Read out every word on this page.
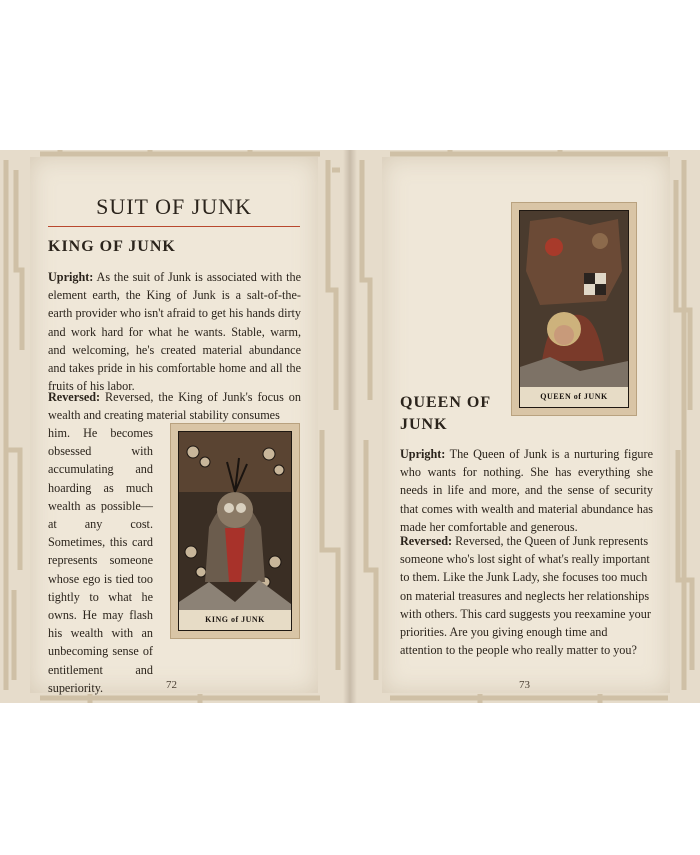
SUIT OF JUNK
KING OF JUNK
Upright: As the suit of Junk is associated with the element earth, the King of Junk is a salt-of-the-earth provider who isn't afraid to get his hands dirty and work hard for what he wants. Stable, warm, and welcoming, he's created material abundance and takes pride in his comfortable home and all the fruits of his labor.
Reversed: Reversed, the King of Junk's focus on wealth and creating material stability consumes
him. He becomes obsessed with accumulating and hoarding as much wealth as possible—at any cost. Sometimes, this card represents someone whose ego is tied too tightly to what he owns. He may flash his wealth with an unbecoming sense of entitlement and superiority.
KING of JUNK
QUEEN of JUNK
QUEEN OF JUNK
Upright: The Queen of Junk is a nurturing figure who wants for nothing. She has everything she needs in life and more, and the sense of security that comes with wealth and material abundance has made her comfortable and generous.
Reversed: Reversed, the Queen of Junk represents someone who's lost sight of what's really important to them. Like the Junk Lady, she focuses too much on material treasures and neglects her relationships with others. This card suggests you reexamine your priorities. Are you giving enough time and attention to the people who really matter to you?
72	73
